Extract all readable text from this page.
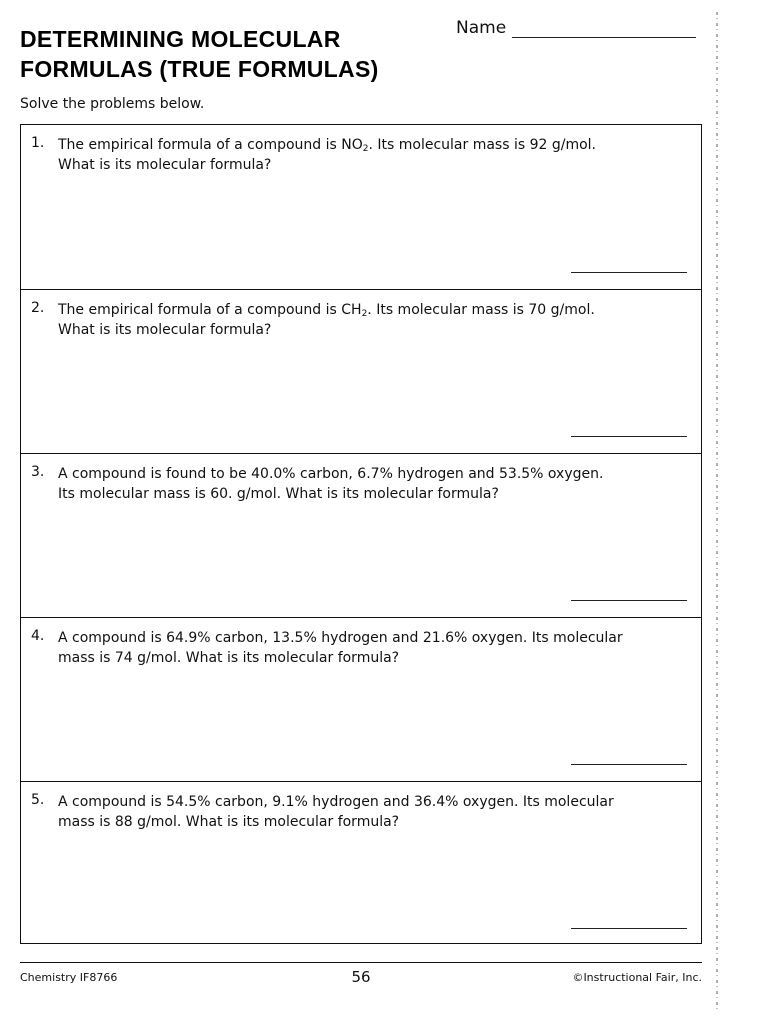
DETERMINING MOLECULAR
FORMULAS (TRUE FORMULAS)
Name

Solve the problems below.

1. The empirical formula of a compound is $NO_2$. Its molecular mass is 92 g/mol.
What is its molecular formula?
2. The empirical formula of a compound is $CH_2$. Its molecular mass is 70 g/mol.
What is its molecular formula?
3. A compound is found to be 40.0% carbon, 6.7% hydrogen and 53.5% oxygen.
Its molecular mass is 60. g/mol. What is its molecular formula?
4. A compound is 64.9% carbon, 13.5% hydrogen and 21.6% oxygen. Its molecular
mass is 74 g/mol. What is its molecular formula?
5. A compound is 54.5% carbon, 9.1% hydrogen and 36.4% oxygen. Its molecular
mass is 88 g/mol. What is its molecular formula?
Chemistry IF8766	56	©Instructional Fair, Inc.
